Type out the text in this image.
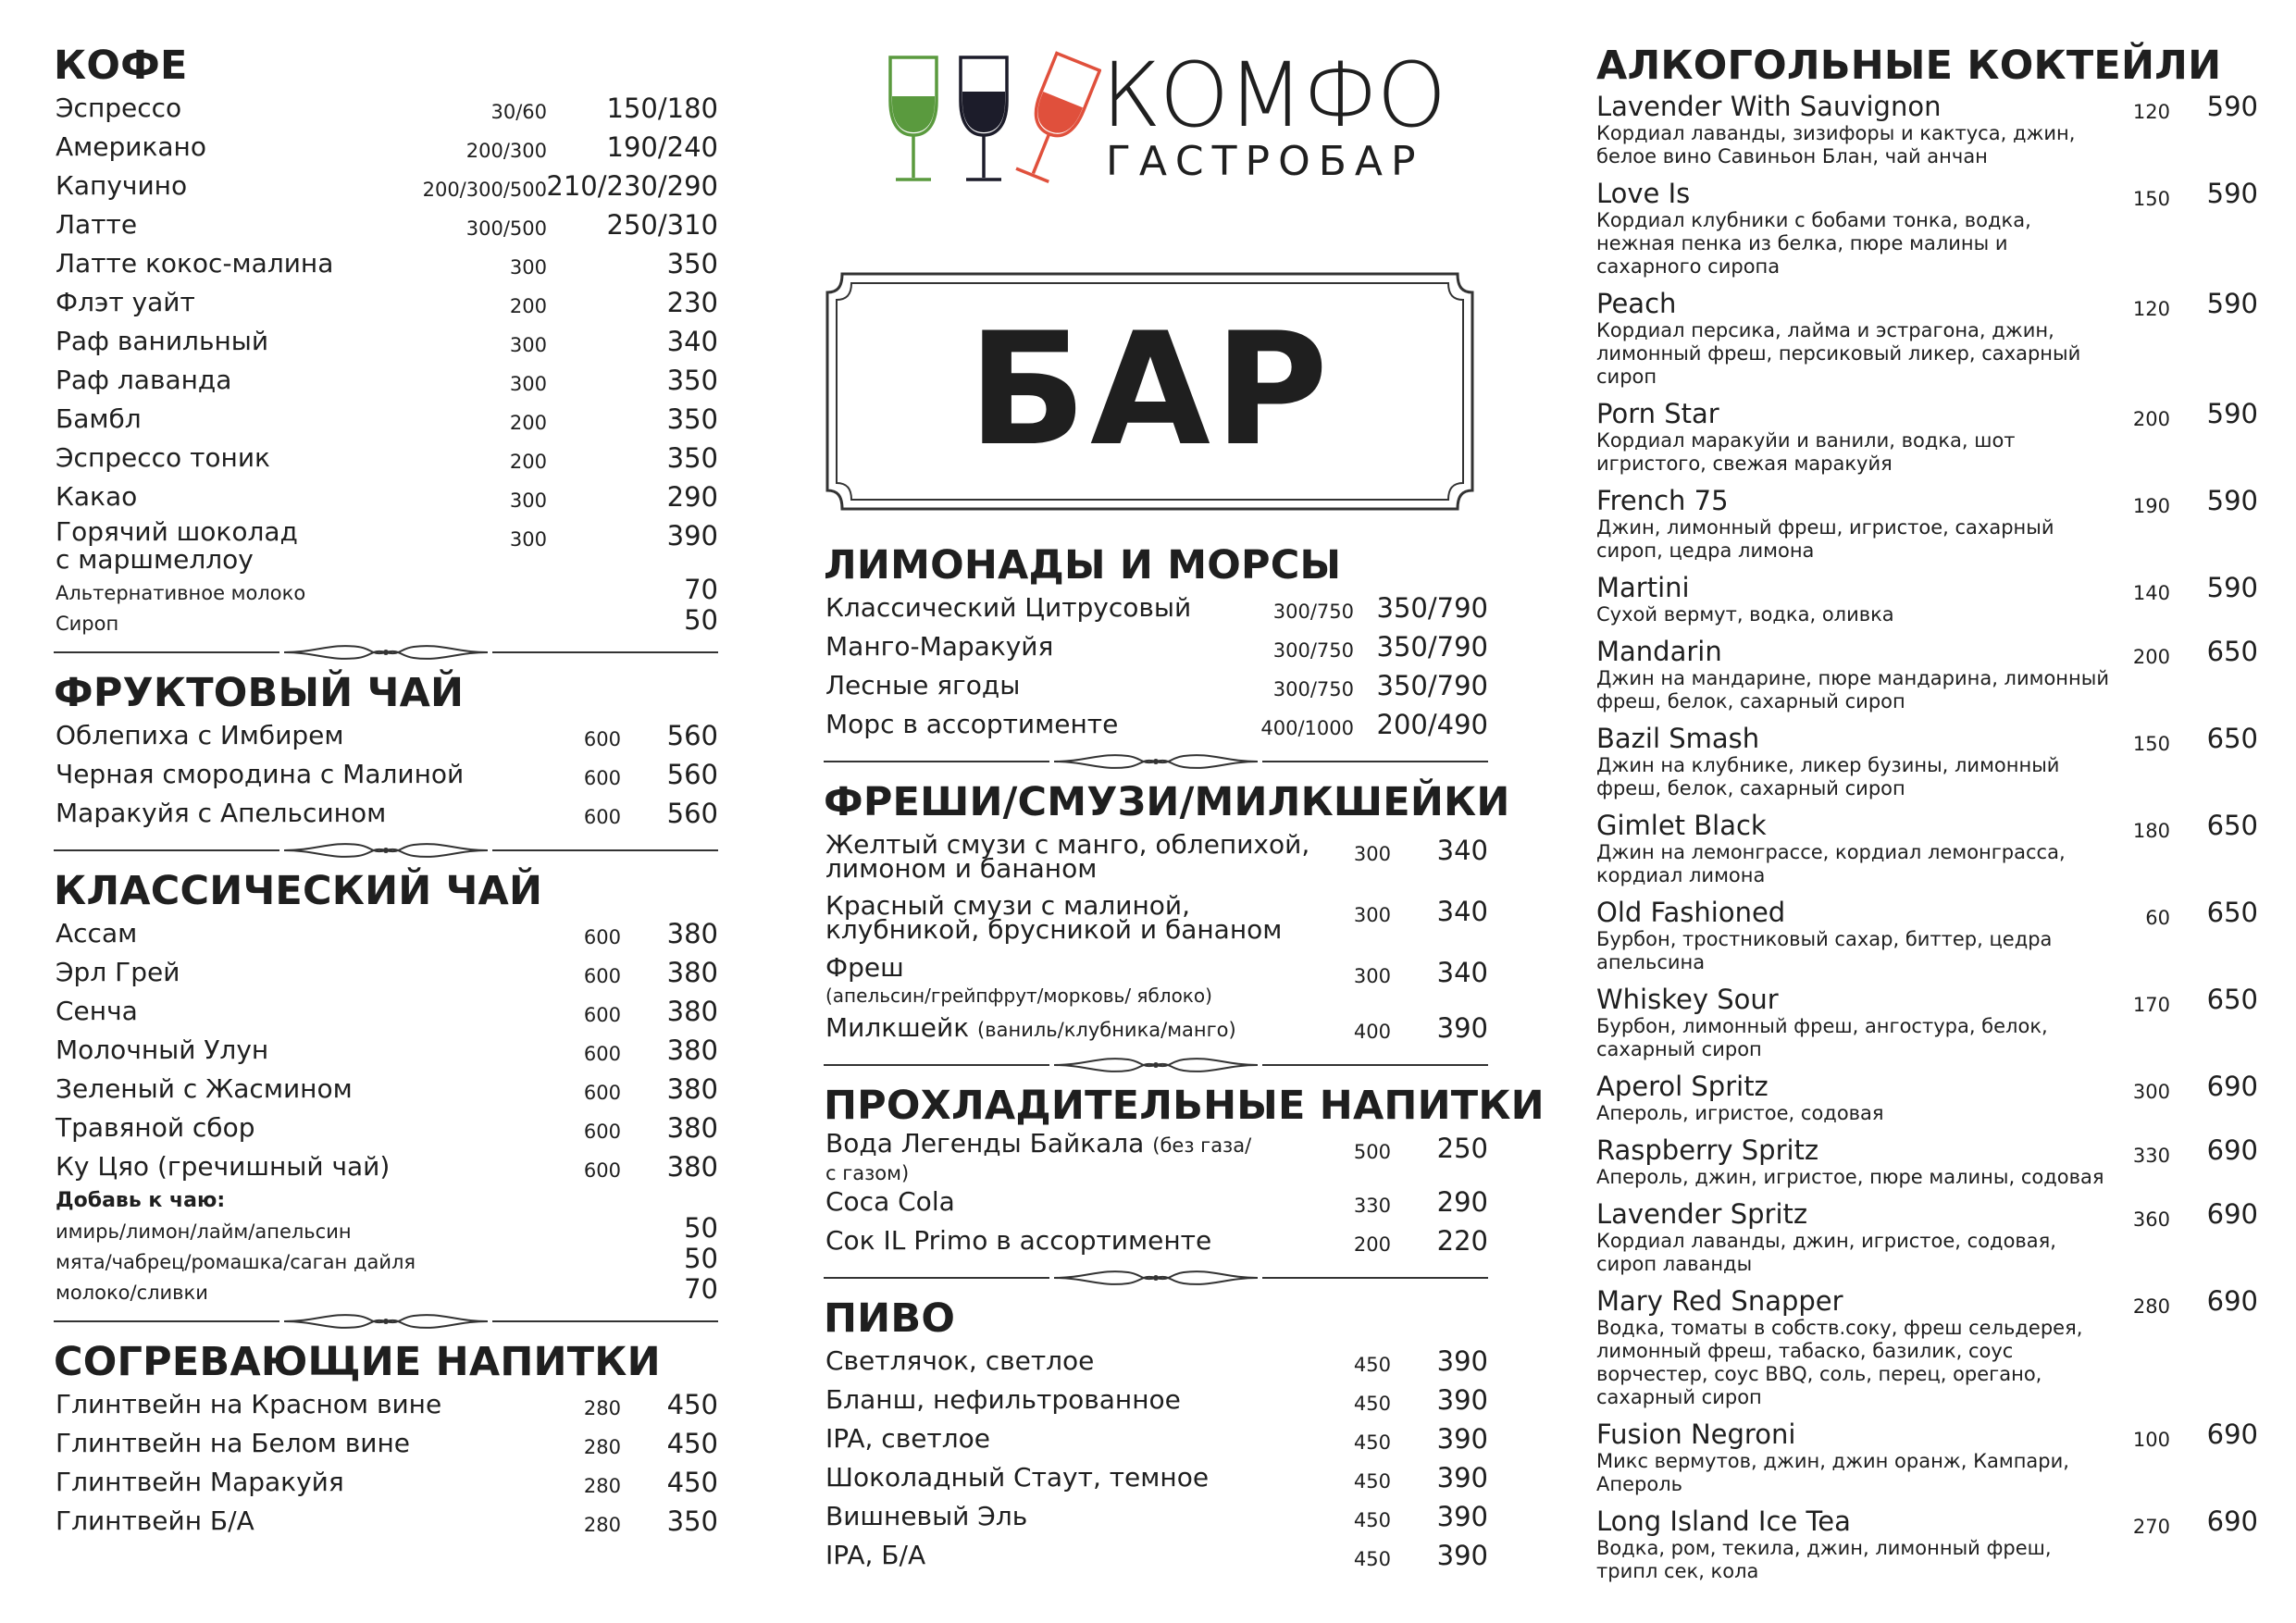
КОФЕ
Эспрессо	30/60 150/180
Американо	200/300 190/240
Капучино	200/300/500 210/230/290
Латте	300/500 250/310
Латте кокос-малина	300	350
Флэт уайт	200	230
Раф ванильный	300	340
Раф лаванда	300	350
Бамбл	200	350
Эспрессо тоник	200	350
Какао	300	290
Горячий шоколад
с маршмеллоу
300	390
Альтернативное молоко	70
Сироп	50
ФРУКТОВЫЙ ЧАЙ
Облепиха с Имбирем	600 560
Черная смородина с Малиной	600 560
Маракуйя с Апельсином	600 560
КЛАССИЧЕСКИЙ ЧАЙ
Ассам	600 380
Эрл Грей	600 380
Сенча	600 380
Молочный Улун	600 380
Зеленый с Жасмином	600 380
Травяной сбор	600 380
Ку Цяо (гречишный чай)	600 380
Добавь к чаю:
имирь/лимон/лайм/апельсин	50
мята/чабрец/ромашка/саган дайля	50
молоко/сливки	70
СОГРЕВАЮЩИЕ НАПИТКИ
Глинтвейн на Красном вине	280 450
Глинтвейн на Белом вине	280 450
Глинтвейн Маракуйя	280 450
Глинтвейн Б/А	280 350
КОМФО
ГАСТРОБАР
БАР
ЛИМОНАДЫ И МОРСЫ
Классический Цитрусовый	300/750 350/790
Манго-Маракуйя	300/750 350/790
Лесные ягоды	300/750 350/790
Морс в ассортименте	400/1000 200/490
ФРЕШИ/СМУЗИ/МИЛКШЕЙКИ
Желтый смузи с манго, облепихой,
лимоном и бананом	300 340
Красный смузи с малиной,
клубникой, брусникой и бананом	300 340
Фреш
(апельсин/грейпфрут/морковь/ яблоко)
300 340
Милкшейк (ваниль/клубника/манго)	400 390
ПРОХЛАДИТЕЛЬНЫЕ НАПИТКИ
Вода Легенды Байкала (без газа/
с газом)
500 250
Coca Cola	330 290
Сок IL Primo в ассортименте	200 220
ПИВО
Светлячок, светлое	450 390
Бланш, нефильтрованное	450 390
IPA, светлое	450 390
Шоколадный Стаут, темное	450 390
Вишневый Эль	450 390
IPA, Б/А	450 390
АЛКОГОЛЬНЫЕ КОКТЕЙЛИ
Lavender With Sauvignon
Кордиал лаванды, зизифоры и кактуса, джин, белое вино Савиньон Блан, чай анчан
120 590
Love Is
Кордиал клубники с бобами тонка, водка, нежная пенка из белка, пюре малины и сахарного сиропа
150 590
Peach
Кордиал персика, лайма и эстрагона, джин, лимонный фреш, персиковый ликер, сахарный сироп
120 590
Porn Star
Кордиал маракуйи и ванили, водка, шот игристого, свежая маракуйя
200 590
French 75
Джин, лимонный фреш, игристое, сахарный сироп, цедра лимона
190 590
Martini
Сухой вермут, водка, оливка
140 590
Mandarin
Джин на мандарине, пюре мандарина, лимонный фреш, белок, сахарный сироп
200 650
Bazil Smash
Джин на клубнике, ликер бузины, лимонный фреш, белок, сахарный сироп
150 650
Gimlet Black
Джин на лемонграссе, кордиал лемонграсса, кордиал лимона
180 650
Old Fashioned
Бурбон, тростниковый сахар, биттер, цедра апельсина
60 650
Whiskey Sour
Бурбон, лимонный фреш, ангостура, белок, сахарный сироп
170 650
Aperol Spritz
Апероль, игристое, содовая
300 690
Raspberry Spritz
Апероль, джин, игристое, пюре малины, содовая
330 690
Lavender Spritz
Кордиал лаванды, джин, игристое, содовая, сироп лаванды
360 690
Mary Red Snapper
Водка, томаты в собств.соку, фреш сельдерея, лимонный фреш, табаско, базилик, соус ворчестер, соус BBQ, соль, перец, орегано, сахарный сироп
280 690
Fusion Negroni
Микс вермутов, джин, джин оранж, Кампари, Апероль
100 690
Long Island Ice Tea
Водка, ром, текила, джин, лимонный фреш, трипл сек, кола
270 690
